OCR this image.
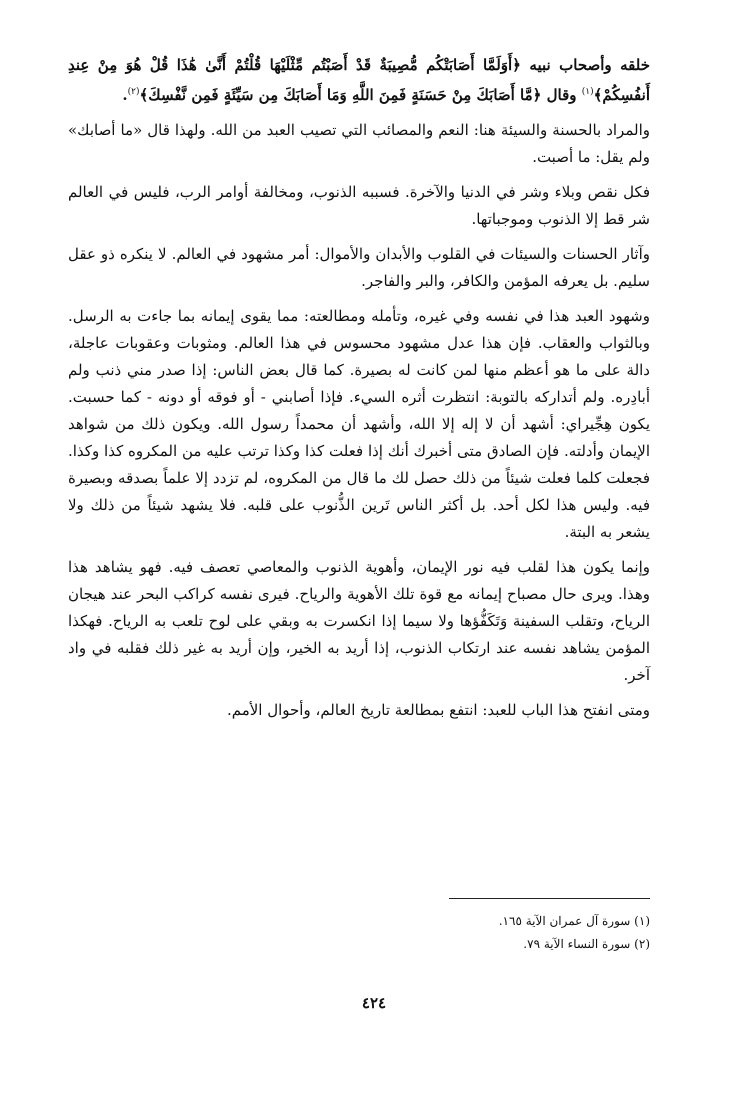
خلقه وأصحاب نبيه ﴿أَوَلَمَّا أَصَابَتْكُم مُّصِيبَةٌ قَدْ أَصَبْتُم مِّثْلَيْهَا قُلْتُمْ أَنَّىٰ هَٰذَا قُلْ هُوَ مِنْ عِندِ أَنفُسِكُمْ﴾$^{(١)}$ وقال ﴿مَّا أَصَابَكَ مِنْ حَسَنَةٍ فَمِنَ اللَّهِ وَمَا أَصَابَكَ مِن سَيِّئَةٍ فَمِن نَّفْسِكَ﴾$^{(٢)}$.

والمراد بالحسنة والسيئة هنا: النعم والمصائب التي تصيب العبد من الله. ولهذا قال «ما أصابك» ولم يقل: ما أصبت.

فكل نقص وبلاء وشر في الدنيا والآخرة. فسببه الذنوب، ومخالفة أوامر الرب، فليس في العالم شر قط إلا الذنوب وموجباتها.

وآثار الحسنات والسيئات في القلوب والأبدان والأموال: أمر مشهود في العالم. لا ينكره ذو عقل سليم. بل يعرفه المؤمن والكافر، والبر والفاجر.

وشهود العبد هذا في نفسه وفي غيره، وتأمله ومطالعته: مما يقوى إيمانه بما جاءت به الرسل. وبالثواب والعقاب. فإن هذا عدل مشهود محسوس في هذا العالم. ومثوبات وعقوبات عاجلة، دالة على ما هو أعظم منها لمن كانت له بصيرة. كما قال بعض الناس: إذا صدر مني ذنب ولم أبادِره. ولم أتداركه بالتوبة: انتظرت أثره السيء. فإذا أصابني - أو فوقه أو دونه - كما حسبت. يكون هِجِّيراي: أشهد أن لا إله إلا الله، وأشهد أن محمداً رسول الله. ويكون ذلك من شواهد الإيمان وأدلته. فإن الصادق متى أخبرك أنك إذا فعلت كذا وكذا ترتب عليه من المكروه كذا وكذا. فجعلت كلما فعلت شيئاً من ذلك حصل لك ما قال من المكروه، لم تزدد إلا علماً بصدقه وبصيرة فيه. وليس هذا لكل أحد. بل أكثر الناس تَرين الذُّنوب على قلبه. فلا يشهد شيئاً من ذلك ولا يشعر به البتة.

وإنما يكون هذا لقلب فيه نور الإيمان، وأهوية الذنوب والمعاصي تعصف فيه. فهو يشاهد هذا وهذا. ويرى حال مصباح إيمانه مع قوة تلك الأهوية والرياح. فيرى نفسه كراكب البحر عند هيجان الرياح، وتقلب السفينة وَتَكَفُّؤها ولا سيما إذا انكسرت به وبقي على لوح تلعب به الرياح. فهكذا المؤمن يشاهد نفسه عند ارتكاب الذنوب، إذا أريد به الخير، وإن أريد به غير ذلك فقلبه في واد آخر.

ومتى انفتح هذا الباب للعبد: انتفع بمطالعة تاريخ العالم، وأحوال الأمم.

(١) سورة آل عمران الآية ١٦٥.

(٢) سورة النساء الآية ٧٩.

٤٢٤
